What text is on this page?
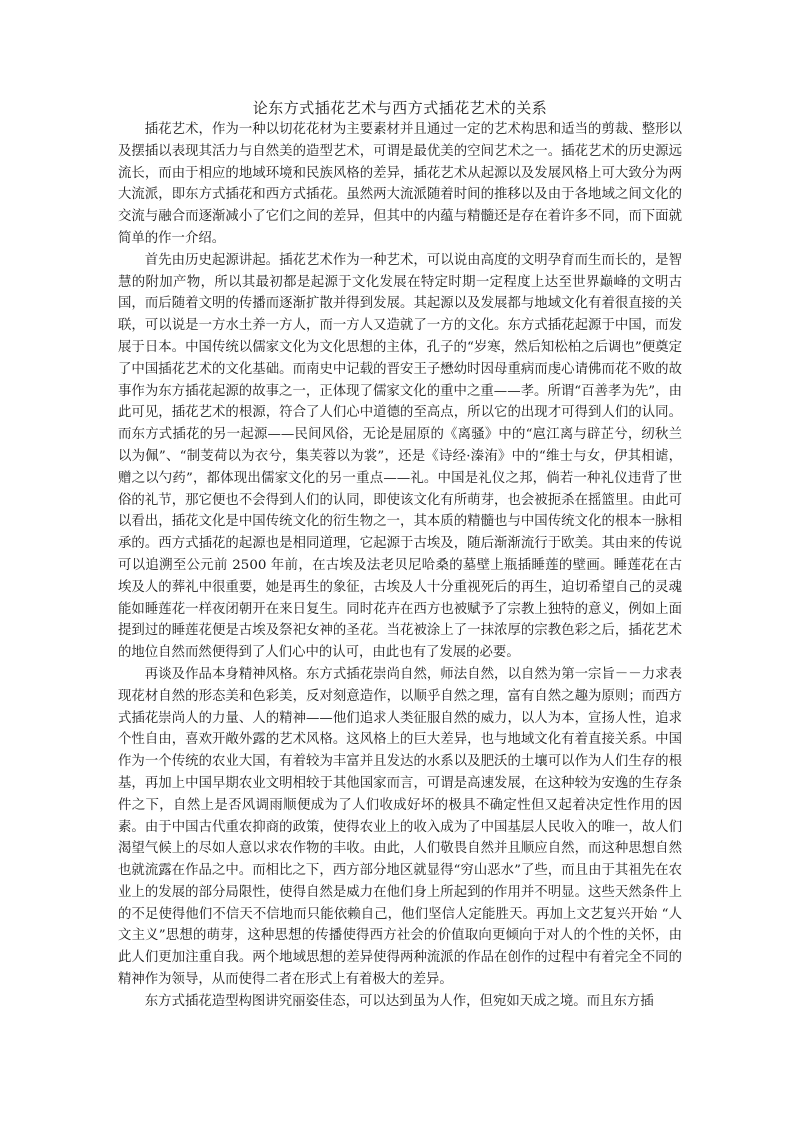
论东方式插花艺术与西方式插花艺术的关系

插花艺术，作为一种以切花花材为主要素材并且通过一定的艺术构思和适当的剪裁、整形以及摆插以表现其活力与自然美的造型艺术，可谓是最优美的空间艺术之一。插花艺术的历史源远流长，而由于相应的地域环境和民族风格的差异，插花艺术从起源以及发展风格上可大致分为两大流派，即东方式插花和西方式插花。虽然两大流派随着时间的推移以及由于各地域之间文化的交流与融合而逐渐减小了它们之间的差异，但其中的内蕴与精髓还是存在着许多不同，而下面就简单的作一介绍。

首先由历史起源讲起。插花艺术作为一种艺术，可以说由高度的文明孕育而生而长的，是智慧的附加产物，所以其最初都是起源于文化发展在特定时期一定程度上达至世界巅峰的文明古国，而后随着文明的传播而逐渐扩散并得到发展。其起源以及发展都与地域文化有着很直接的关联，可以说是一方水土养一方人，而一方人又造就了一方的文化。东方式插花起源于中国，而发展于日本。中国传统以儒家文化为文化思想的主体，孔子的“岁寒，然后知松柏之后调也”便奠定了中国插花艺术的文化基础。而南史中记载的晋安王子懋幼时因母重病而虔心请佛而花不败的故事作为东方插花起源的故事之一，正体现了儒家文化的重中之重——孝。所谓“百善孝为先”，由此可见，插花艺术的根源，符合了人们心中道德的至高点，所以它的出现才可得到人们的认同。而东方式插花的另一起源——民间风俗，无论是屈原的《离骚》中的“扈江离与辟芷兮，纫秋兰以为佩”、“制芰荷以为衣兮，集芙蓉以为裳”，还是《诗经·溱洧》中的“维士与女，伊其相谑，赠之以勺药”，都体现出儒家文化的另一重点——礼。中国是礼仪之邦，倘若一种礼仪违背了世俗的礼节，那它便也不会得到人们的认同，即使该文化有所萌芽，也会被扼杀在摇篮里。由此可以看出，插花文化是中国传统文化的衍生物之一，其本质的精髓也与中国传统文化的根本一脉相承的。西方式插花的起源也是相同道理，它起源于古埃及，随后渐渐流行于欧美。其由来的传说可以追溯至公元前 2500 年前，在古埃及法老贝尼哈桑的墓壁上瓶插睡莲的壁画。睡莲花在古埃及人的葬礼中很重要，她是再生的象征，古埃及人十分重视死后的再生，迫切希望自己的灵魂能如睡莲花一样夜闭朝开在来日复生。同时花卉在西方也被赋予了宗教上独特的意义，例如上面提到过的睡莲花便是古埃及祭祀女神的圣花。当花被涂上了一抹浓厚的宗教色彩之后，插花艺术的地位自然而然便得到了人们心中的认可，由此也有了发展的必要。

再谈及作品本身精神风格。东方式插花崇尚自然，师法自然，以自然为第一宗旨－－力求表现花材自然的形态美和色彩美，反对刻意造作，以顺乎自然之理，富有自然之趣为原则；而西方式插花崇尚人的力量、人的精神——他们追求人类征服自然的威力，以人为本，宣扬人性，追求个性自由，喜欢开敞外露的艺术风格。这风格上的巨大差异，也与地域文化有着直接关系。中国作为一个传统的农业大国，有着较为丰富并且发达的水系以及肥沃的土壤可以作为人们生存的根基，再加上中国早期农业文明相较于其他国家而言，可谓是高速发展，在这种较为安逸的生存条件之下，自然上是否风调雨顺便成为了人们收成好坏的极具不确定性但又起着决定性作用的因素。由于中国古代重农抑商的政策，使得农业上的收入成为了中国基层人民收入的唯一，故人们渴望气候上的尽如人意以求农作物的丰收。由此，人们敬畏自然并且顺应自然，而这种思想自然也就流露在作品之中。而相比之下，西方部分地区就显得“穷山恶水”了些，而且由于其祖先在农业上的发展的部分局限性，使得自然是威力在他们身上所起到的作用并不明显。这些天然条件上的不足使得他们不信天不信地而只能依赖自己，他们坚信人定能胜天。再加上文艺复兴开始 “人文主义”思想的萌芽，这种思想的传播使得西方社会的价值取向更倾向于对人的个性的关怀，由此人们更加注重自我。两个地域思想的差异使得两种流派的作品在创作的过程中有着完全不同的精神作为领导，从而使得二者在形式上有着极大的差异。

东方式插花造型构图讲究丽姿佳态，可以达到虽为人作，但宛如天成之境。而且东方插
